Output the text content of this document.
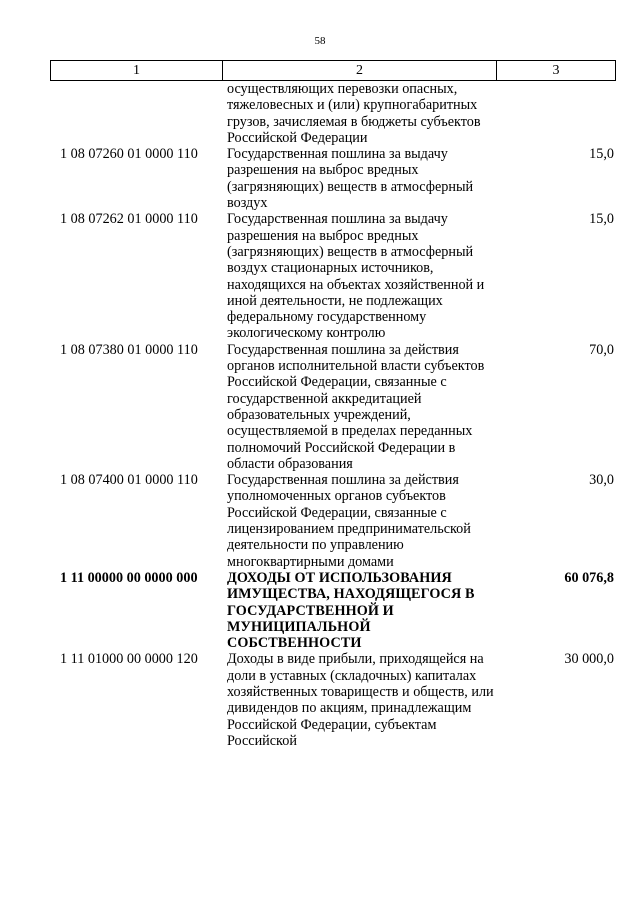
58
1	2	3
осуществляющих перевозки опасных, тяжеловесных и (или) крупногабаритных грузов, зачисляемая в бюджеты субъектов Российской Федерации
1 08 07260 01 0000 110	Государственная пошлина за выдачу разрешения на выброс вредных (загрязняющих) веществ в атмосферный воздух
15,0
1 08 07262 01 0000 110	Государственная пошлина за выдачу разрешения на выброс вредных (загрязняющих) веществ в атмосферный воздух стационарных источников, находящихся на объектах хозяйственной и иной деятельности, не подлежащих федеральному государственному экологическому контролю
15,0
1 08 07380 01 0000 110	Государственная пошлина за действия органов исполнительной власти субъектов Российской Федерации, связанные с государственной аккредитацией образовательных учреждений, осуществляемой в пределах переданных полномочий Российской Федерации в области образования
70,0
1 08 07400 01 0000 110	Государственная пошлина за действия уполномоченных органов субъектов Российской Федерации, связанные с лицензированием предпринимательской деятельности по управлению многоквартирными домами
30,0
1 11 00000 00 0000 000	ДОХОДЫ ОТ ИСПОЛЬЗОВАНИЯ ИМУЩЕСТВА, НАХОДЯЩЕГОСЯ В ГОСУДАРСТВЕННОЙ И МУНИЦИПАЛЬНОЙ СОБСТВЕННОСТИ
60 076,8
1 11 01000 00 0000 120	Доходы в виде прибыли, приходящейся на доли в уставных (складочных) капиталах хозяйственных товариществ и обществ, или дивидендов по акциям, принадлежащим Российской Федерации, субъектам Российской
30 000,0
